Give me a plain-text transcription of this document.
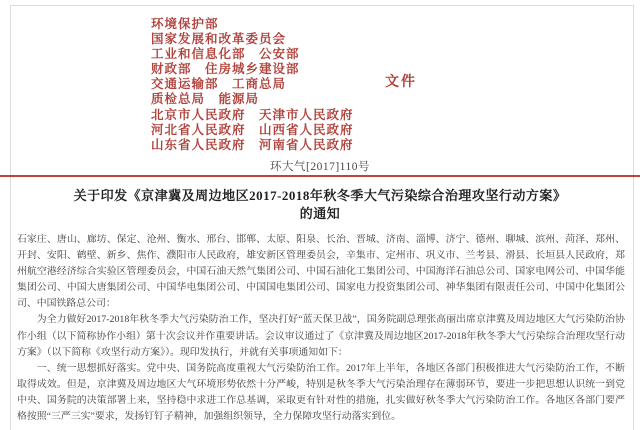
环境保护部
国家发展和改革委员会
工业和信息化部　公安部
财政部　住房城乡建设部
交通运输部　工商总局
质检总局　能源局
北京市人民政府　天津市人民政府
河北省人民政府　山西省人民政府
山东省人民政府　河南省人民政府
文件
环大气[2017]110号
关于印发《京津冀及周边地区2017-2018年秋冬季大气污染综合治理攻坚行动方案》
的通知

石家庄、唐山、廊坊、保定、沧州、衡水、邢台、邯郸、太原、阳泉、长治、晋城、济南、淄博、济宁、德州、聊城、滨州、菏泽、郑州、开封、安阳、鹤壁、新乡、焦作、濮阳市人民政府，雄安新区管理委员会，辛集市、定州市、巩义市、兰考县、滑县、长垣县人民政府，郑州航空港经济综合实验区管理委员会，中国石油天然气集团公司、中国石油化工集团公司、中国海洋石油总公司、国家电网公司、中国华能集团公司、中国大唐集团公司、中国华电集团公司、中国国电集团公司、国家电力投资集团公司、神华集团有限责任公司、中国中化集团公司、中国铁路总公司：

为全力做好2017-2018年秋冬季大气污染防治工作，坚决打好“蓝天保卫战”，国务院副总理张高丽出席京津冀及周边地区大气污染防治协作小组（以下简称协作小组）第十次会议并作重要讲话。会议审议通过了《京津冀及周边地区2017-2018年秋冬季大气污染综合治理攻坚行动方案》（以下简称《攻坚行动方案》）。现印发执行，并就有关事项通知如下：

一、统一思想抓好落实。党中央、国务院高度重视大气污染防治工作。2017年上半年，各地区各部门积极推进大气污染防治工作，不断取得成效。但是，京津冀及周边地区大气环境形势依然十分严峻，特别是秋冬季大气污染治理存在薄弱环节，要进一步把思想认识统一到党中央、国务院的决策部署上来，坚持稳中求进工作总基调，采取更有针对性的措施，扎实做好秋冬季大气污染防治工作。各地区各部门要严格按照“三严三实”要求，发扬钉钉子精神，加强组织领导，全力保障攻坚行动落实到位。
